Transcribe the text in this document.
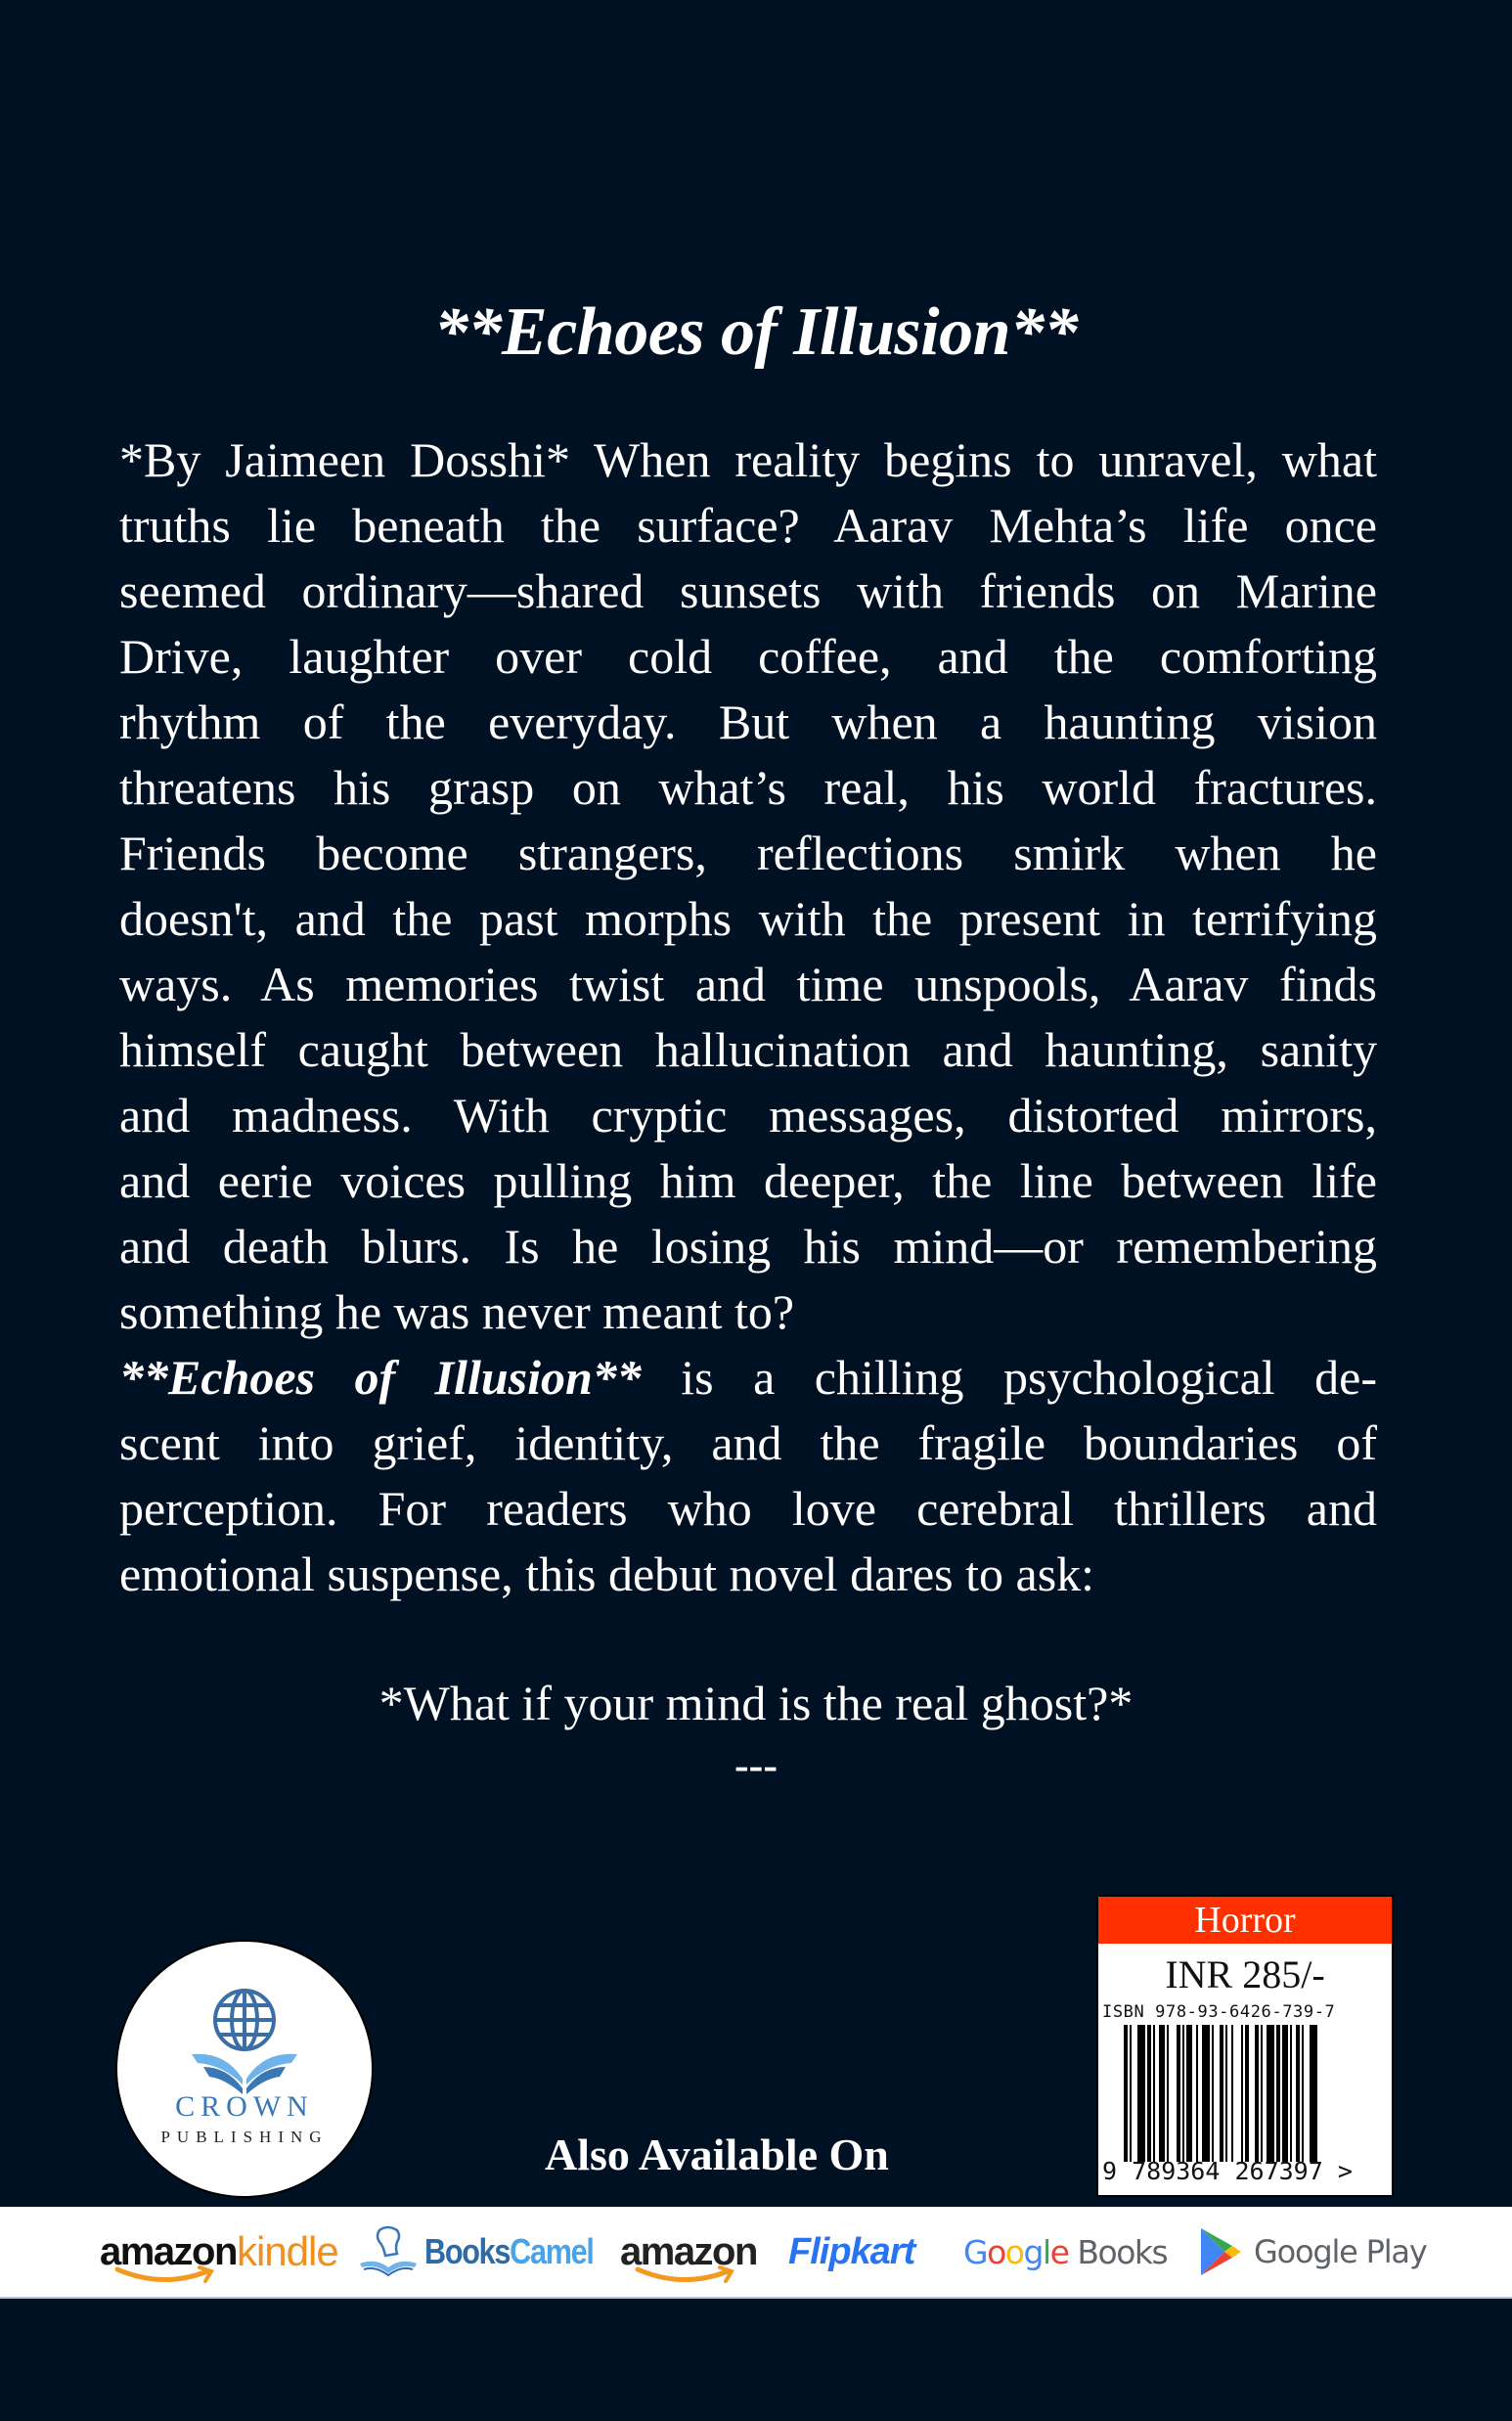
**Echoes of Illusion**
*By Jaimeen Dosshi* When reality begins to unravel, what
truths lie beneath the surface? Aarav Mehta’s life once
seemed ordinary—shared sunsets with friends on Marine
Drive, laughter over cold coffee, and the comforting
rhythm of the everyday. But when a haunting vision
threatens his grasp on what’s real, his world fractures.
Friends become strangers, reflections smirk when he
doesn't, and the past morphs with the present in terrifying
ways. As memories twist and time unspools, Aarav finds
himself caught between hallucination and haunting, sanity
and madness. With cryptic messages, distorted mirrors,
and eerie voices pulling him deeper, the line between life
and death blurs. Is he losing his mind—or remembering
something he was never meant to?
**Echoes of Illusion** is a chilling psychological de-
scent into grief, identity, and the fragile boundaries of
perception. For readers who love cerebral thrillers and
emotional suspense, this debut novel dares to ask:
*What if your mind is the real ghost?*
---
CROWN
PUBLISHING	Also Available On
Horror
INR 285/-
ISBN 978-93-6426-739-7
9 789364 267397 >
amazon kindle BooksCamel amazon Flipkart Google Books	Google Play
